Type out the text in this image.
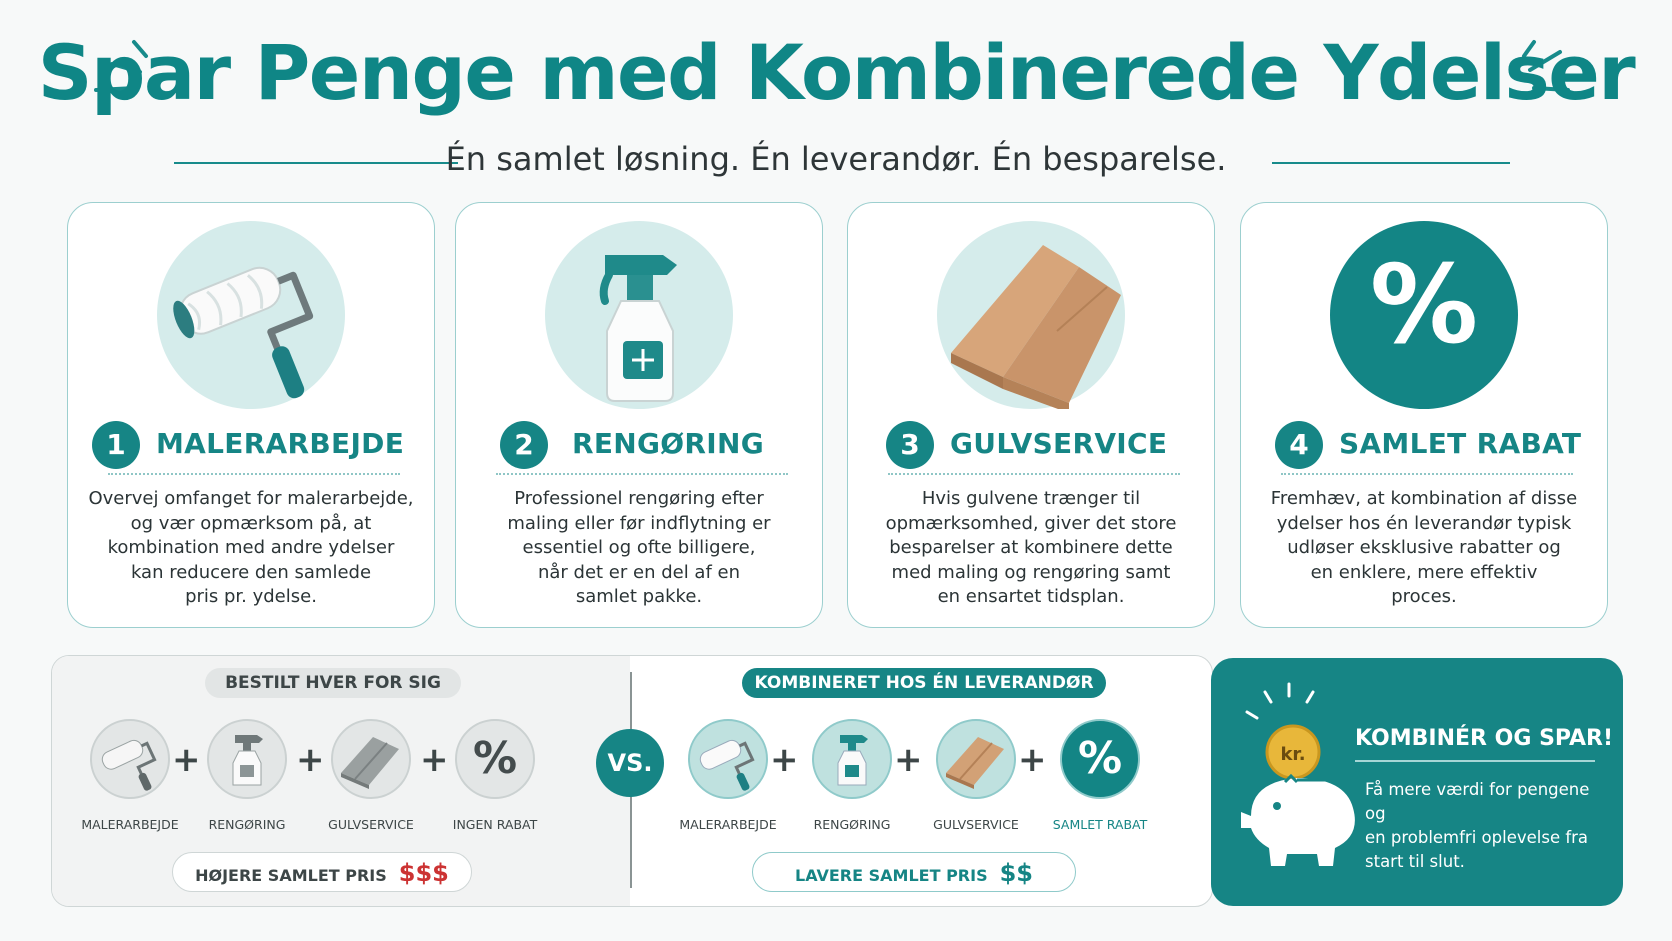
Spar Penge med Kombinerede Ydelser
Én samlet løsning. Én leverandør. Én besparelse.
1	MALERARBEJDE
Overvej omfanget for malerarbejde,
og vær opmærksom på, at
kombination med andre ydelser
kan reducere den samlede
pris pr. ydelse.
2	RENGØRING
Professionel rengøring efter
maling eller før indflytning er
essentiel og ofte billigere,
når det er en del af en
samlet pakke.
3	GULVSERVICE
Hvis gulvene trænger til
opmærksomhed, giver det store
besparelser at kombinere dette
med maling og rengøring samt
en ensartet tidsplan.
%
4	SAMLET RABAT
Fremhæv, at kombination af disse
ydelser hos én leverandør typisk
udløser eksklusive rabatter og
en enklere, mere effektiv
proces.
BESTILT HVER FOR SIG	KOMBINERET HOS ÉN LEVERANDØR
+	+	+ %
MALERARBEJDE	RENGØRING	GULVSERVICE	INGEN RABAT
VS.	+	+	+ %
MALERARBEJDE	RENGØRING	GULVSERVICE	SAMLET RABAT
HØJERE SAMLET PRIS $$$	LAVERE SAMLET PRIS $$
kr.
KOMBINÉR OG SPAR!
Få mere værdi for pengene og
en problemfri oplevelse fra
start til slut.
